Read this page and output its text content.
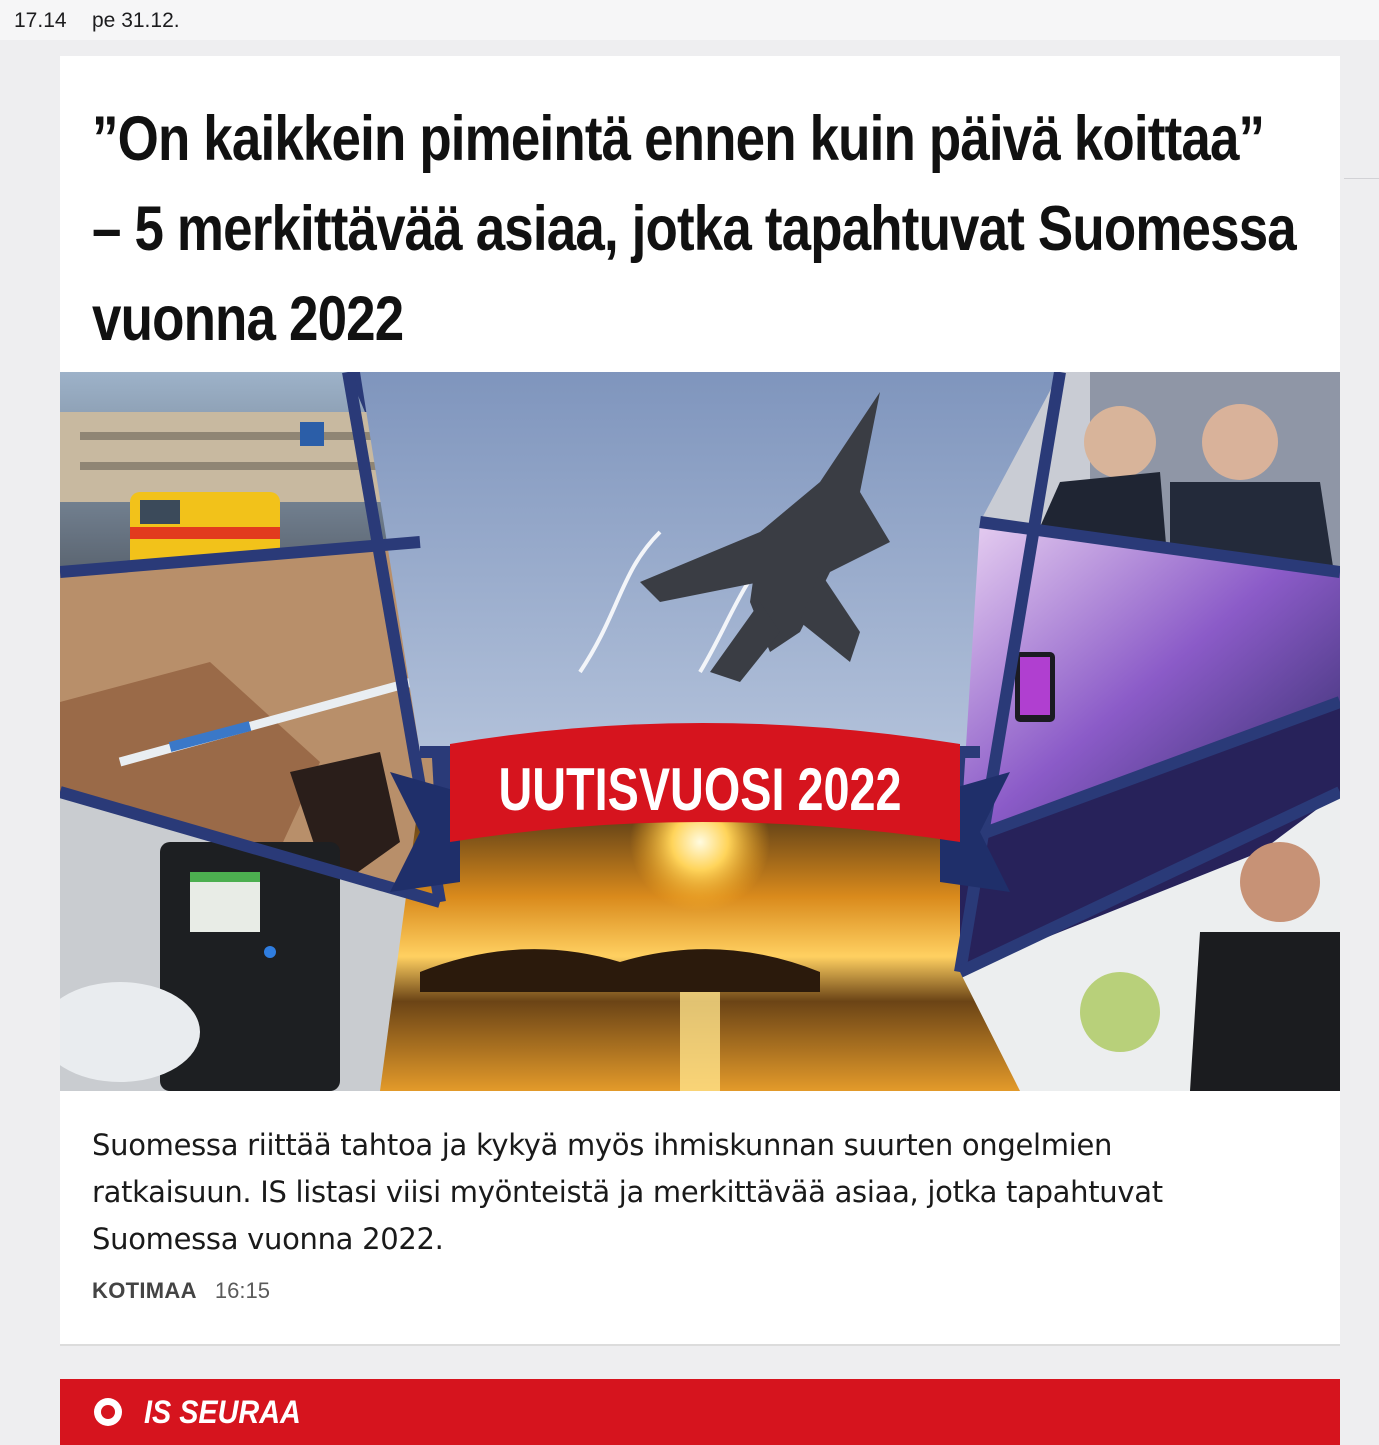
17.14 pe 31.12.
”On kaikkein pimeintä ennen kuin päivä koittaa” – 5 merkittävää asiaa, jotka tapahtuvat Suomessa vuonna 2022
UUTISVUOSI 2022

Suomessa riittää tahtoa ja kykyä myös ihmiskunnan suurten ongelmien ratkaisuun. IS listasi viisi myönteistä ja merkittävää asiaa, jotka tapahtuvat Suomessa vuonna 2022.

KOTIMAA 16:15
IS SEURAA
